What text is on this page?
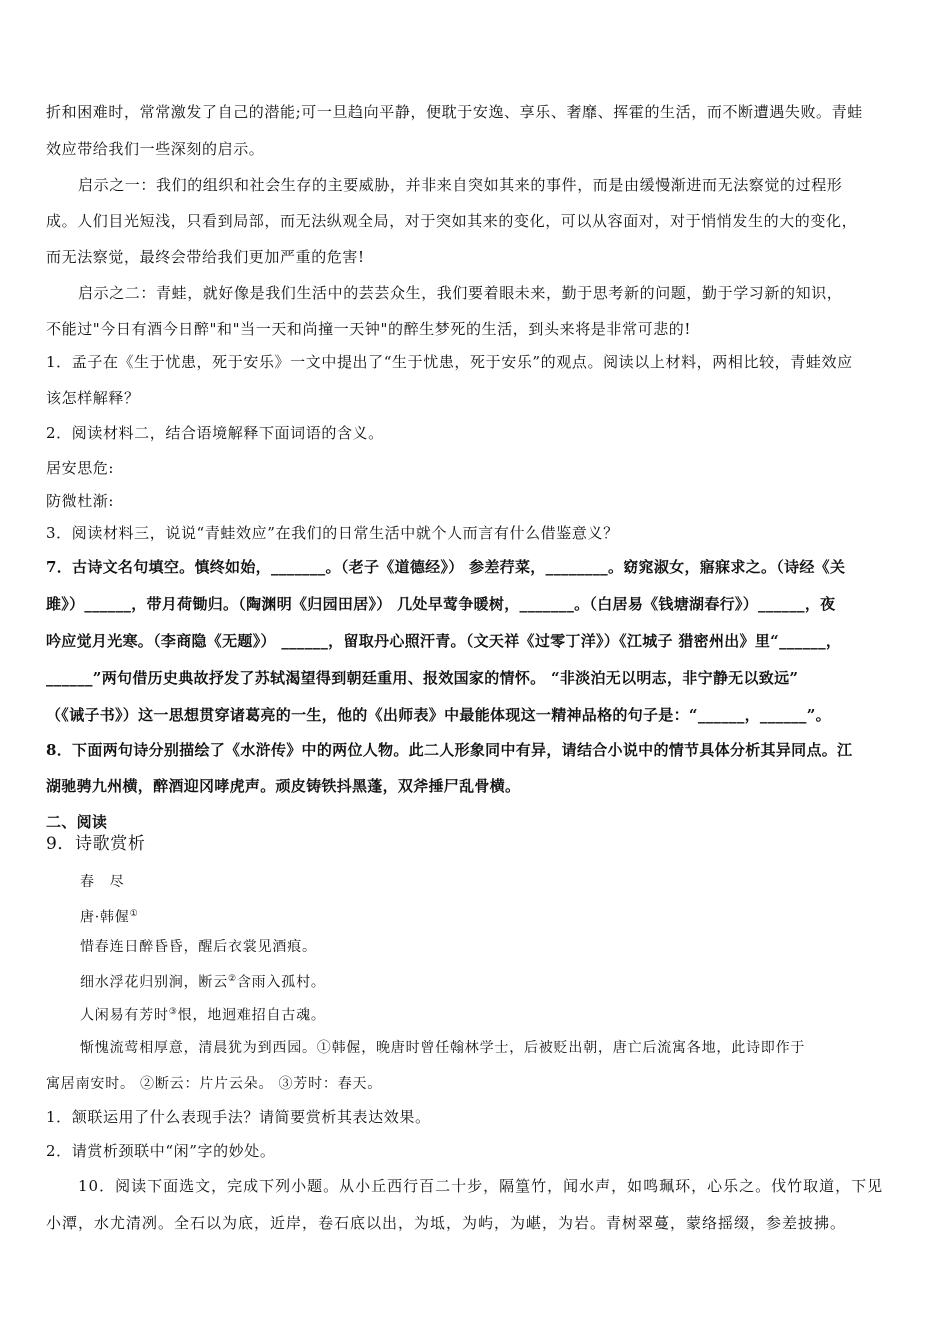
折和困难时，常常激发了自己的潜能;可一旦趋向平静，便耽于安逸、享乐、奢靡、挥霍的生活，而不断遭遇失败。青蛙
效应带给我们一些深刻的启示。
启示之一：我们的组织和社会生存的主要威胁，并非来自突如其来的事件，而是由缓慢渐进而无法察觉的过程形
成。人们目光短浅，只看到局部，而无法纵观全局，对于突如其来的变化，可以从容面对，对于悄悄发生的大的变化，
而无法察觉，最终会带给我们更加严重的危害!
启示之二：青蛙，就好像是我们生活中的芸芸众生，我们要着眼未来，勤于思考新的问题，勤于学习新的知识，
不能过"今日有酒今日醉"和"当一天和尚撞一天钟"的醉生梦死的生活，到头来将是非常可悲的!
1．孟子在《生于忧患，死于安乐》一文中提出了“生于忧患，死于安乐”的观点。阅读以上材料，两相比较，青蛙效应
该怎样解释？
2．阅读材料二，结合语境解释下面词语的含义。
居安思危:
防微杜渐:
3．阅读材料三，说说“青蛙效应”在我们的日常生活中就个人而言有什么借鉴意义？
7．古诗文名句填空。慎终如始，_______。（老子《道德经》） 参差荇菜，________。窈窕淑女，寤寐求之。（诗经《关
雎》）______，带月荷锄归。（陶渊明《归园田居》） 几处早莺争暖树，_______。（白居易《钱塘湖春行》）______，夜
吟应觉月光寒。（李商隐《无题》） ______，留取丹心照汗青。（文天祥《过零丁洋》）《江城子 猎密州出》里“______，
______”两句借历史典故抒发了苏轼渴望得到朝廷重用、报效国家的情怀。 “非淡泊无以明志，非宁静无以致远”
（《诫子书》）这一思想贯穿诸葛亮的一生，他的《出师表》中最能体现这一精神品格的句子是：“______，______”。
8．下面两句诗分别描绘了《水浒传》中的两位人物。此二人形象同中有异，请结合小说中的情节具体分析其异同点。江
湖驰骋九州横，醉酒迎冈哮虎声。顽皮铸铁抖黑蓬，双斧捶尸乱骨横。
二、阅读
9．诗歌赏析
春　尽
唐·韩偓①
惜春连日醉昏昏，醒后衣裳见酒痕。
细水浮花归别涧，断云②含雨入孤村。
人闲易有芳时③恨，地迥难招自古魂。
惭愧流莺相厚意，清晨犹为到西园。①韩偓，晚唐时曾任翰林学士，后被贬出朝，唐亡后流寓各地，此诗即作于
寓居南安时。 ②断云：片片云朵。 ③芳时：春天。
1．颔联运用了什么表现手法？请简要赏析其表达效果。
2．请赏析颈联中“闲”字的妙处。
10．阅读下面选文，完成下列小题。从小丘西行百二十步，隔篁竹，闻水声，如鸣珮环，心乐之。伐竹取道，下见
小潭，水尤清冽。全石以为底，近岸，卷石底以出，为坻，为屿，为嵁，为岩。青树翠蔓，蒙络摇缀，参差披拂。
